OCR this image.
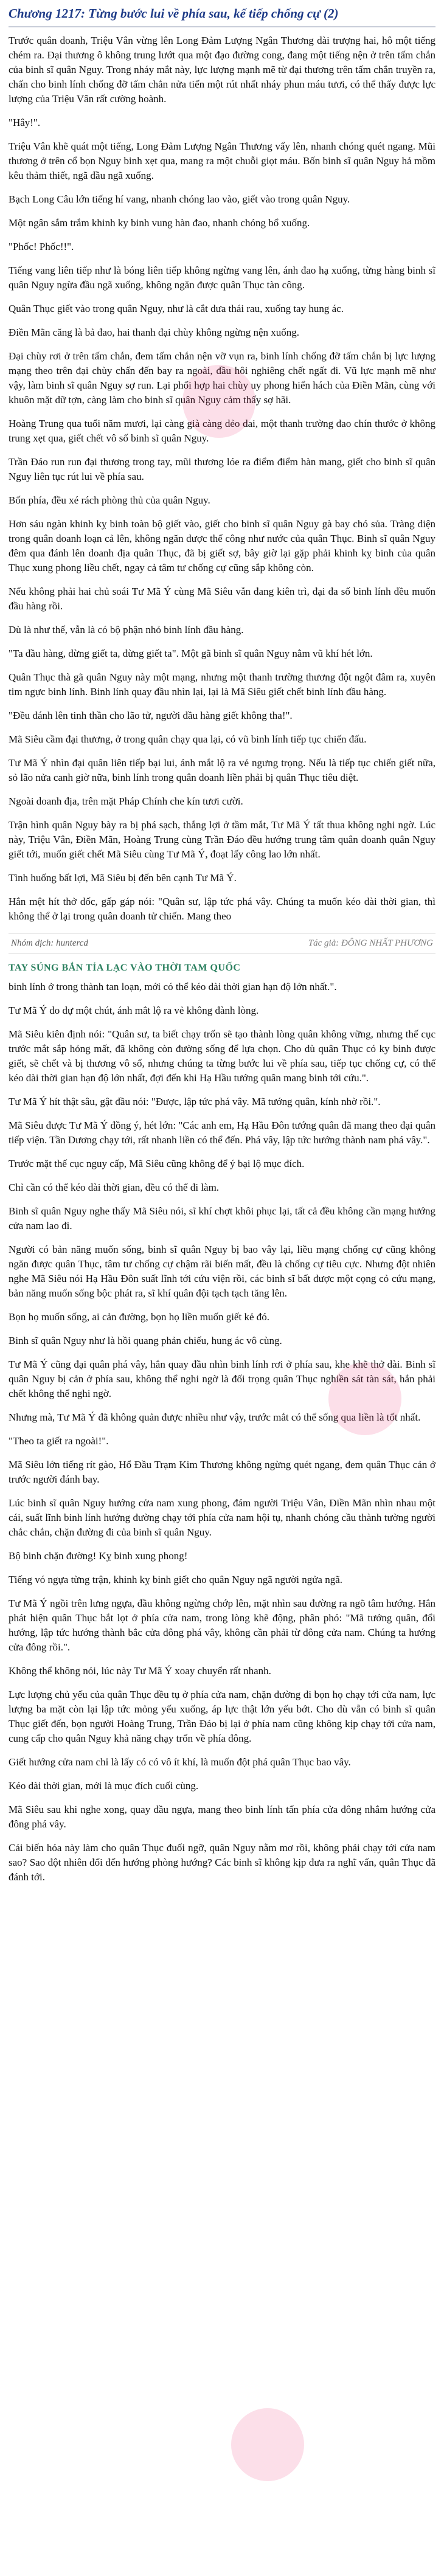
Chương 1217: Từng bước lui về phía sau, kế tiếp chống cự (2)

Trước quân doanh, Triệu Vân vừng lên Long Đảm Lượng Ngân Thương dài trượng hai, hô một tiếng chém ra. Đại thương ô không trung lướt qua một đạo đường cong, đang một tiếng nện ở trên tấm chắn của binh sĩ quân Nguy. Trong nháy mắt này, lực lượng mạnh mẽ từ đại thương trên tấm chắn truyền ra, chấn cho binh lính chống đỡ tấm chắn nửa tiến một rút nhất nháy phun máu tươi, có thể thấy được lực lượng của Triệu Vân rất cường hoành.

"Hây!".

Triệu Vân khẽ quát một tiếng, Long Đảm Lượng Ngân Thương vẩy lên, nhanh chóng quét ngang. Mũi thương ở trên cổ bọn Nguy binh xẹt qua, mang ra một chuỗi giọt máu. Bốn binh sĩ quân Nguy hả mồm kêu thảm thiết, ngã đầu ngã xuống.

Bạch Long Câu lớn tiếng hí vang, nhanh chóng lao vào, giết vào trong quân Nguy.

Một ngân sắm trắm khinh ky binh vung hàn đao, nhanh chóng bổ xuống.

"Phốc! Phốc!!".

Tiếng vang liên tiếp như là bóng liên tiếp không ngừng vang lên, ánh đao hạ xuống, từng hàng binh sĩ quân Nguy ngừa đầu ngã xuống, không ngăn được quân Thục tàn công.

Quân Thục giết vào trong quân Nguy, như là cắt dưa thái rau, xuống tay hung ác.

Điền Mãn căng là bả đao, hai thanh đại chùy không ngừng nện xuống.

Đại chùy rơi ở trên tấm chắn, đem tấm chắn nện vỡ vụn ra, binh lính chống đỡ tấm chắn bị lực lượng mạng theo trên đại chùy chấn đến bay ra ngoài, đầu hôi nghiêng chết ngất đi. Vũ lực mạnh mẽ như vậy, làm binh sĩ quân Nguy sợ run. Lại phối hợp hai chùy uy phong hiển hách của Điền Mãn, cùng với khuôn mặt dữ tợn, càng làm cho binh sĩ quân Nguy cảm thấy sợ hãi.

Hoàng Trung qua tuổi năm mươi, lại càng già càng dẻo dai, một thanh trường đao chín thước ở không trung xẹt qua, giết chết vô số binh sĩ quân Nguy.

Trần Đáo run run đại thương trong tay, mũi thương lóe ra điểm điểm hàn mang, giết cho binh sĩ quân Nguy liên tục rút lui về phía sau.

Bốn phía, đều xé rách phòng thủ của quân Nguy.

Hơn sáu ngàn khinh kỵ binh toàn bộ giết vào, giết cho binh sĩ quân Nguy gà bay chó sủa. Tràng diện trong quân doanh loạn cả lên, không ngăn được thế công như nước của quân Thục. Binh sĩ quân Nguy đêm qua đánh lên doanh địa quân Thục, đã bị giết sợ, bây giờ lại gặp phải khinh kỵ binh của quân Thục xung phong liều chết, ngay cả tâm tư chống cự cũng sắp không còn.

Nếu không phải hai chủ soái Tư Mã Ý cùng Mã Siêu vẫn đang kiên trì, đại đa số binh lính đều muốn đầu hàng rồi.

Dù là như thế, vẫn là có bộ phận nhỏ binh lính đầu hàng.

"Ta đầu hàng, đừng giết ta, đừng giết ta". Một gã binh sĩ quân Nguy nằm vũ khí hét lớn.

Quân Thục thà gã quân Nguy này một mạng, nhưng một thanh trường thương đột ngột đâm ra, xuyên tim ngực binh lính. Binh lính quay đầu nhìn lại, lại là Mã Siêu giết chết binh lính đầu hàng.

"Đều đánh lên tinh thần cho lão tử, người đầu hàng giết không tha!".

Mã Siêu cầm đại thương, ở trong quân chạy qua lại, có vũ binh lính tiếp tục chiến đấu.

Tư Mã Ý nhìn đại quân liên tiếp bại lui, ánh mắt lộ ra vẻ ngưng trọng. Nếu là tiếp tục chiến giết nữa, sỏ lão nửa canh giờ nữa, binh lính trong quân doanh liền phải bị quân Thục tiêu diệt.

Ngoài doanh địa, trên mặt Pháp Chính che kín tươi cười.

Trận hình quân Nguy bày ra bị phá sạch, thắng lợi ở tầm mắt, Tư Mã Ý tất thua không nghi ngờ. Lúc này, Triệu Vân, Điền Mãn, Hoàng Trung cùng Trần Đáo đều hướng trung tâm quân doanh quân Nguy giết tới, muốn giết chết Mã Siêu cùng Tư Mã Ý, đoạt lấy công lao lớn nhất.

Tình huống bất lợi, Mã Siêu bị đến bên cạnh Tư Mã Ý.

Hắn mệt hít thở dốc, gấp gáp nói: "Quân sư, lập tức phá vây. Chúng ta muốn kéo dài thời gian, thì không thể ở lại trong quân doanh tử chiến. Mang theo

Nhóm dịch: huntercd	Tác giả: ĐÔNG NHẤT PHƯƠNG
TAY SÚNG BẮN TỈA LẠC VÀO THỜI TAM QUỐC

binh lính ở trong thành tan loạn, mới có thể kéo dài thời gian hạn độ lớn nhất.".

Tư Mã Ý do dự một chút, ánh mắt lộ ra vẻ không đành lòng.

Mã Siêu kiên định nói: "Quân sư, ta biết chạy trốn sẽ tạo thành lòng quân không vững, nhưng thế cục trước mắt sắp hỏng mất, đã không còn đường sống để lựa chọn. Cho dù quân Thục có ky binh được giết, sẽ chết và bị thương vô số, nhưng chúng ta từng bước lui về phía sau, tiếp tục chống cự, có thể kéo dài thời gian hạn độ lớn nhất, đợi đến khi Hạ Hầu tướng quân mang binh tới cứu.".

Tư Mã Ý hít thật sâu, gật đầu nói: "Được, lập tức phá vây. Mã tướng quân, kính nhờ rồi.".

Mã Siêu được Tư Mã Ý đồng ý, hét lớn: "Các anh em, Hạ Hầu Đôn tướng quân đã mang theo đại quân tiếp viện. Tần Dương chạy tới, rất nhanh liền có thể đến. Phá vây, lập tức hướng thành nam phá vây.".

Trước mặt thế cục nguy cấp, Mã Siêu cũng không để ý bại lộ mục đích.

Chỉ cần có thể kéo dài thời gian, đều có thể đi làm.

Binh sĩ quân Nguy nghe thấy Mã Siêu nói, sĩ khí chợt khôi phục lại, tất cả đều không cần mạng hướng cửa nam lao đi.

Người có bản năng muốn sống, binh sĩ quân Nguy bị bao vây lại, liều mạng chống cự cũng không ngăn được quân Thục, tâm tư chống cự chậm rãi biến mất, đều là chống cự tiêu cực. Nhưng đột nhiên nghe Mã Siêu nói Hạ Hầu Đôn suất lĩnh tới cứu viện rồi, các binh sĩ bất được một cọng cỏ cứu mạng, bản năng muốn sống bộc phát ra, sĩ khí quân đội tạch tạch tăng lên.

Bọn họ muốn sống, ai cản đường, bọn họ liền muốn giết kẻ đó.

Binh sĩ quân Nguy như là hồi quang phản chiếu, hung ác vô cùng.

Tư Mã Ý cũng đại quân phá vây, hắn quay đầu nhìn binh lính rơi ở phía sau, khe khẽ thở dài. Binh sĩ quân Nguy bị cản ở phía sau, không thể nghi ngờ là đối trọng quân Thục nghiền sát tàn sát, hắn phải chết không thể nghi ngờ.

Nhưng mà, Tư Mã Ý đã không quản được nhiều như vậy, trước mắt có thể sống qua liền là tốt nhất.

"Theo ta giết ra ngoài!".

Mã Siêu lớn tiếng rít gào, Hổ Đầu Trạm Kim Thương không ngừng quét ngang, đem quân Thục cản ở trước người đánh bay.

Lúc binh sĩ quân Nguy hướng cửa nam xung phong, đám người Triệu Vân, Điền Mãn nhìn nhau một cái, suất lĩnh binh lính hướng đường chạy tới phía cửa nam hội tụ, nhanh chóng cầu thành tường người chắc chắn, chặn đường đi của binh sĩ quân Nguy.

Bộ binh chặn đường! Kỵ binh xung phong!

Tiếng vó ngựa từng trận, khinh kỵ binh giết cho quân Nguy ngã người ngửa ngã.

Tư Mã Ý ngồi trên lưng ngựa, đầu không ngừng chớp lên, mặt nhìn sau đường ra ngõ tâm hướng. Hắn phát hiện quân Thục bắt lọt ở phía cửa nam, trong lòng khẽ động, phân phó: "Mã tướng quân, đổi hướng, lập tức hướng thành bắc cửa đông phá vây, không cần phải từ đông cửa nam. Chúng ta hướng cửa đông rồi.".

Không thể không nói, lúc này Tư Mã Ý xoay chuyển rất nhanh.

Lực lượng chủ yếu của quân Thục đều tụ ở phía cửa nam, chặn đường đi bọn họ chạy tới cửa nam, lực lượng ba mặt còn lại lập tức mỏng yếu xuống, áp lực thật lớn yếu bớt. Cho dù vẫn có binh sĩ quân Thục giết đến, bọn người Hoàng Trung, Trần Đáo bị lại ở phía nam cũng không kịp chạy tới cửa nam, cung cấp cho quân Nguy khả năng chạy trốn về phía đông.

Giết hướng cửa nam chỉ là lấy có có vô ít khí, là muốn đột phá quân Thục bao vây.

Kéo dài thời gian, mới là mục đích cuối cùng.

Mã Siêu sau khi nghe xong, quay đầu ngựa, mang theo binh lính tấn phía cửa đông nhắm hướng cửa đông phá vây.

Cái biến hóa này làm cho quân Thục đuối ngỡ, quân Nguy nằm mơ rồi, không phải chạy tới cửa nam sao? Sao đột nhiên đổi đến hướng phòng hướng? Các binh sĩ không kịp đưa ra nghĩ vấn, quân Thục đã đánh tới.
